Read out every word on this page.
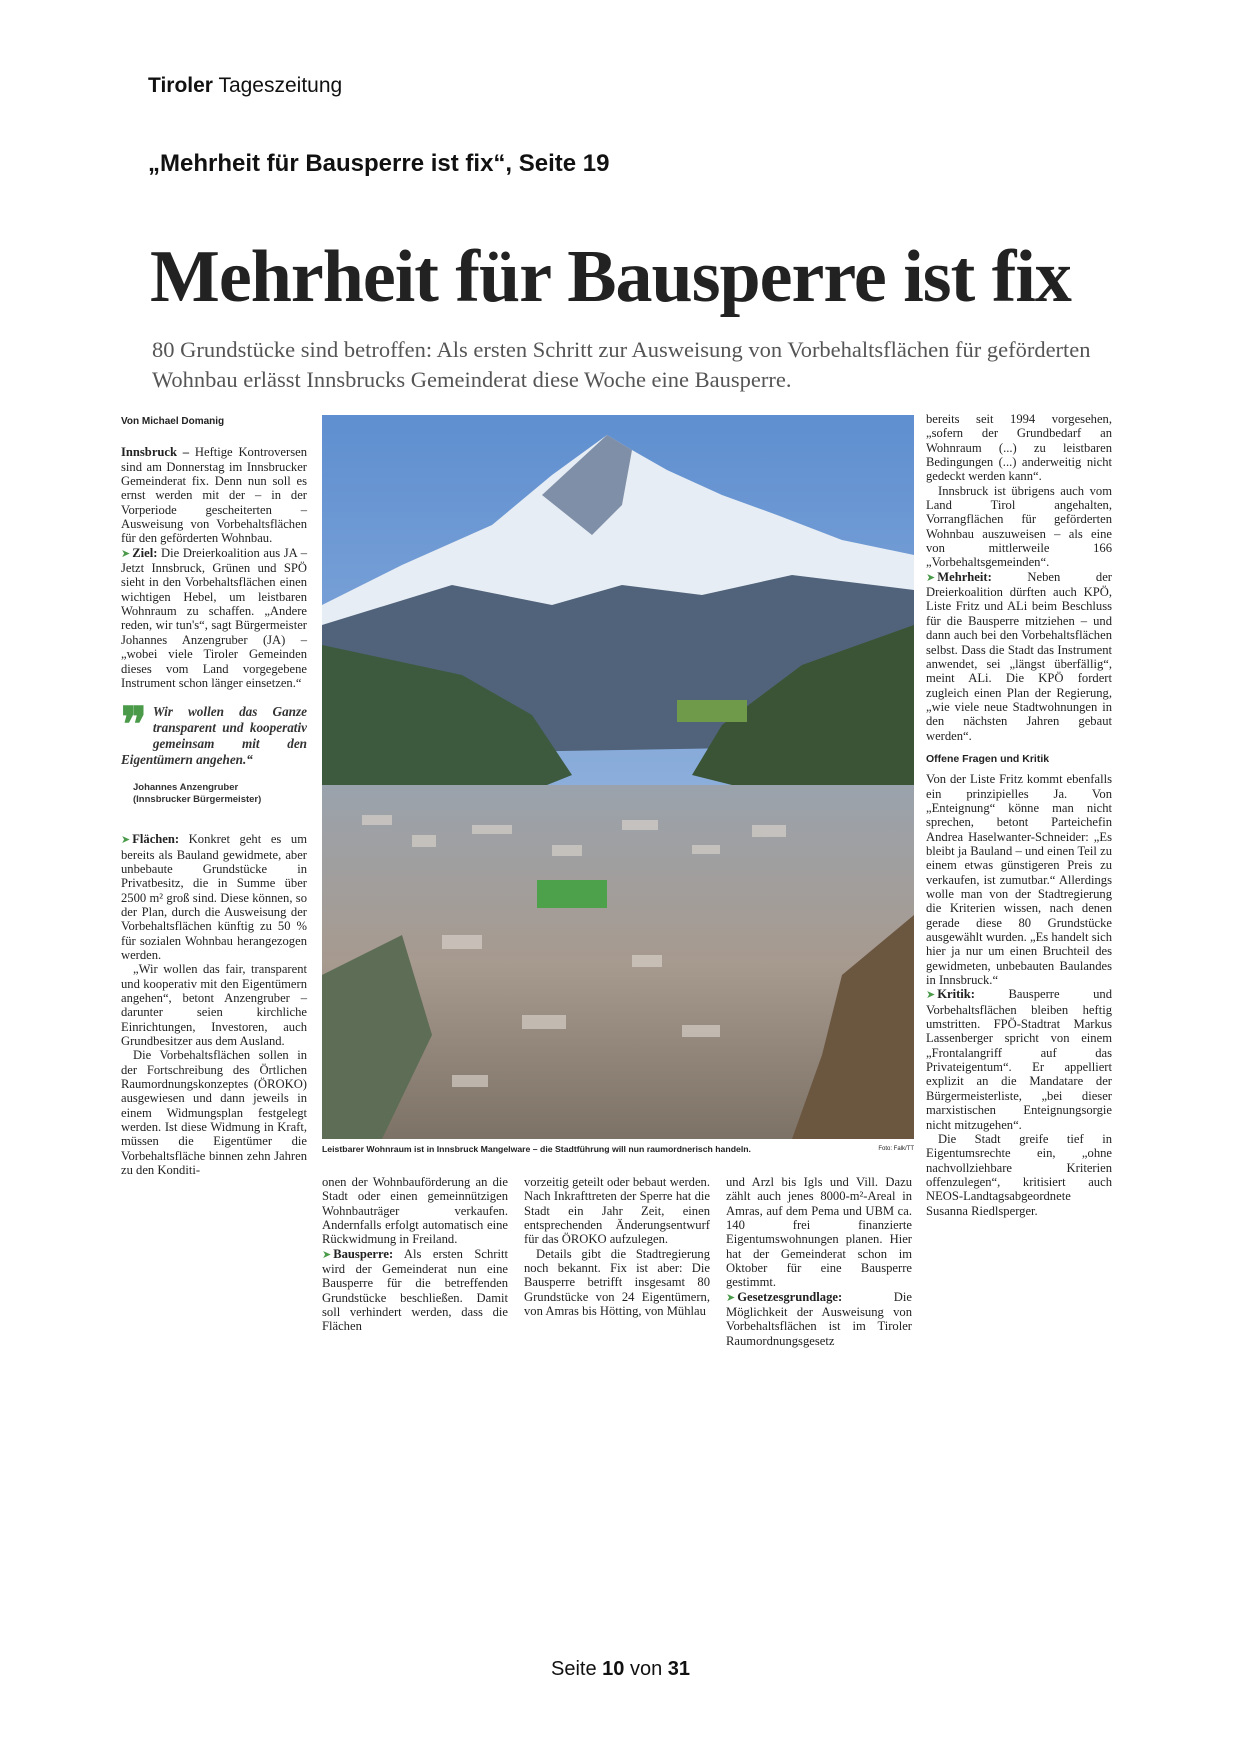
Tiroler Tageszeitung
„Mehrheit für Bausperre ist fix“, Seite 19
Mehrheit für Bausperre ist fix
80 Grundstücke sind betroffen: Als ersten Schritt zur Ausweisung von Vorbehaltsflächen für geförderten Wohnbau erlässt Innsbrucks Gemeinderat diese Woche eine Bausperre.
Von Michael Domanig

Innsbruck – Heftige Kontroversen sind am Donnerstag im Innsbrucker Gemeinderat fix. Denn nun soll es ernst werden mit der – in der Vorperiode gescheiterten – Ausweisung von Vorbehaltsflächen für den geförderten Wohnbau.

➤ Ziel: Die Dreierkoalition aus JA – Jetzt Innsbruck, Grünen und SPÖ sieht in den Vorbehaltsflächen einen wichtigen Hebel, um leistbaren Wohnraum zu schaffen. „Andere reden, wir tun's“, sagt Bürgermeister Johannes Anzengruber (JA) – „wobei viele Tiroler Gemeinden dieses vom Land vorgegebene Instrument schon länger einsetzen.“

❞ Wir wollen das Ganze transparent und kooperativ gemeinsam mit den Eigentümern angehen.“
Johannes Anzengruber
(Innsbrucker Bürgermeister)

➤ Flächen: Konkret geht es um bereits als Bauland gewidmete, aber unbebaute Grundstücke in Privatbesitz, die in Summe über 2500 m² groß sind. Diese können, so der Plan, durch die Ausweisung der Vorbehaltsflächen künftig zu 50 % für sozialen Wohnbau herangezogen werden.

„Wir wollen das fair, transparent und kooperativ mit den Eigentümern angehen“, betont Anzengruber – darunter seien kirchliche Einrichtungen, Investoren, auch Grundbesitzer aus dem Ausland.

Die Vorbehaltsflächen sollen in der Fortschreibung des Örtlichen Raumordnungskonzeptes (ÖROKO) ausgewiesen und dann jeweils in einem Widmungsplan festgelegt werden. Ist diese Widmung in Kraft, müssen die Eigentümer die Vorbehaltsfläche binnen zehn Jahren zu den Konditi-

Leistbarer Wohnraum ist in Innsbruck Mangelware – die Stadtführung will nun raumordnerisch handeln.	Foto: Falk/TT

onen der Wohnbauförderung an die Stadt oder einen gemeinnützigen Wohnbauträger verkaufen. Andernfalls erfolgt automatisch eine Rückwidmung in Freiland.

➤ Bausperre: Als ersten Schritt wird der Gemeinderat nun eine Bausperre für die betreffenden Grundstücke beschließen. Damit soll verhindert werden, dass die Flächen

vorzeitig geteilt oder bebaut werden. Nach Inkrafttreten der Sperre hat die Stadt ein Jahr Zeit, einen entsprechenden Änderungsentwurf für das ÖROKO aufzulegen.

Details gibt die Stadtregierung noch bekannt. Fix ist aber: Die Bausperre betrifft insgesamt 80 Grundstücke von 24 Eigentümern, von Amras bis Hötting, von Mühlau

und Arzl bis Igls und Vill. Dazu zählt auch jenes 8000-m²-Areal in Amras, auf dem Pema und UBM ca. 140 frei finanzierte Eigentumswohnungen planen. Hier hat der Gemeinderat schon im Oktober für eine Bausperre gestimmt.

➤ Gesetzesgrundlage: Die Möglichkeit der Ausweisung von Vorbehaltsflächen ist im Tiroler Raumordnungsgesetz

bereits seit 1994 vorgesehen, „sofern der Grundbedarf an Wohnraum (...) zu leistbaren Bedingungen (...) anderweitig nicht gedeckt werden kann“.

Innsbruck ist übrigens auch vom Land Tirol angehalten, Vorrangflächen für geförderten Wohnbau auszuweisen – als eine von mittlerweile 166 „Vorbehaltsgemeinden“.

➤ Mehrheit: Neben der Dreierkoalition dürften auch KPÖ, Liste Fritz und ALi beim Beschluss für die Bausperre mitziehen – und dann auch bei den Vorbehaltsflächen selbst. Dass die Stadt das Instrument anwendet, sei „längst überfällig“, meint ALi. Die KPÖ fordert zugleich einen Plan der Regierung, „wie viele neue Stadtwohnungen in den nächsten Jahren gebaut werden“.

Offene Fragen und Kritik

Von der Liste Fritz kommt ebenfalls ein prinzipielles Ja. Von „Enteignung“ könne man nicht sprechen, betont Parteichefin Andrea Haselwanter-Schneider: „Es bleibt ja Bauland – und einen Teil zu einem etwas günstigeren Preis zu verkaufen, ist zumutbar.“ Allerdings wolle man von der Stadtregierung die Kriterien wissen, nach denen gerade diese 80 Grundstücke ausgewählt wurden. „Es handelt sich hier ja nur um einen Bruchteil des gewidmeten, unbebauten Baulandes in Innsbruck.“

➤ Kritik: Bausperre und Vorbehaltsflächen bleiben heftig umstritten. FPÖ-Stadtrat Markus Lassenberger spricht von einem „Frontalangriff auf das Privateigentum“. Er appelliert explizit an die Mandatare der Bürgermeisterliste, „bei dieser marxistischen Enteignungsorgie nicht mitzugehen“.

Die Stadt greife tief in Eigentumsrechte ein, „ohne nachvollziehbare Kriterien offenzulegen“, kritisiert auch NEOS-Landtagsabgeordnete Susanna Riedlsperger.

Seite 10 von 31
